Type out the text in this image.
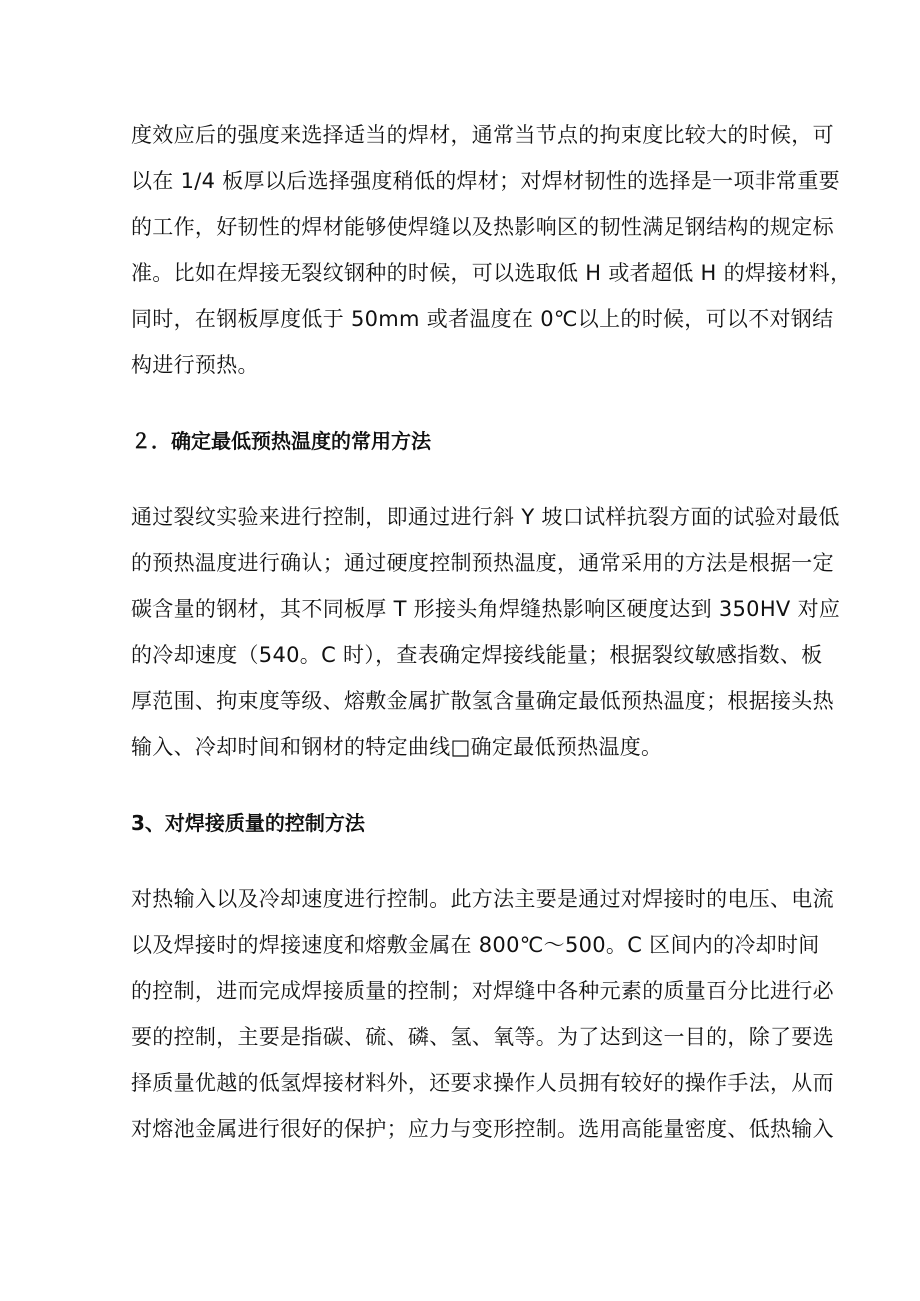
度效应后的强度来选择适当的焊材，通常当节点的拘束度比较大的时候，可
以在 1/4 板厚以后选择强度稍低的焊材；对焊材韧性的选择是一项非常重要
的工作，好韧性的焊材能够使焊缝以及热影响区的韧性满足钢结构的规定标
准。比如在焊接无裂纹钢种的时候，可以选取低 H 或者超低 H 的焊接材料，
同时，在钢板厚度低于 50mm 或者温度在 0℃以上的时候，可以不对钢结
构进行预热。
２．确定最低预热温度的常用方法
通过裂纹实验来进行控制，即通过进行斜 Y 坡口试样抗裂方面的试验对最低
的预热温度进行确认；通过硬度控制预热温度，通常采用的方法是根据一定
碳含量的钢材，其不同板厚 T 形接头角焊缝热影响区硬度达到 350HV 对应
的冷却速度（540。C 时），查表确定焊接线能量；根据裂纹敏感指数、板
厚范围、拘束度等级、熔敷金属扩散氢含量确定最低预热温度；根据接头热
输入、冷却时间和钢材的特定曲线□确定最低预热温度。
3、对焊接质量的控制方法
对热输入以及冷却速度进行控制。此方法主要是通过对焊接时的电压、电流
以及焊接时的焊接速度和熔敷金属在 800℃～500。C 区间内的冷却时间
的控制，进而完成焊接质量的控制；对焊缝中各种元素的质量百分比进行必
要的控制，主要是指碳、硫、磷、氢、氧等。为了达到这一目的，除了要选
择质量优越的低氢焊接材料外，还要求操作人员拥有较好的操作手法，从而
对熔池金属进行很好的保护；应力与变形控制。选用高能量密度、低热输入
